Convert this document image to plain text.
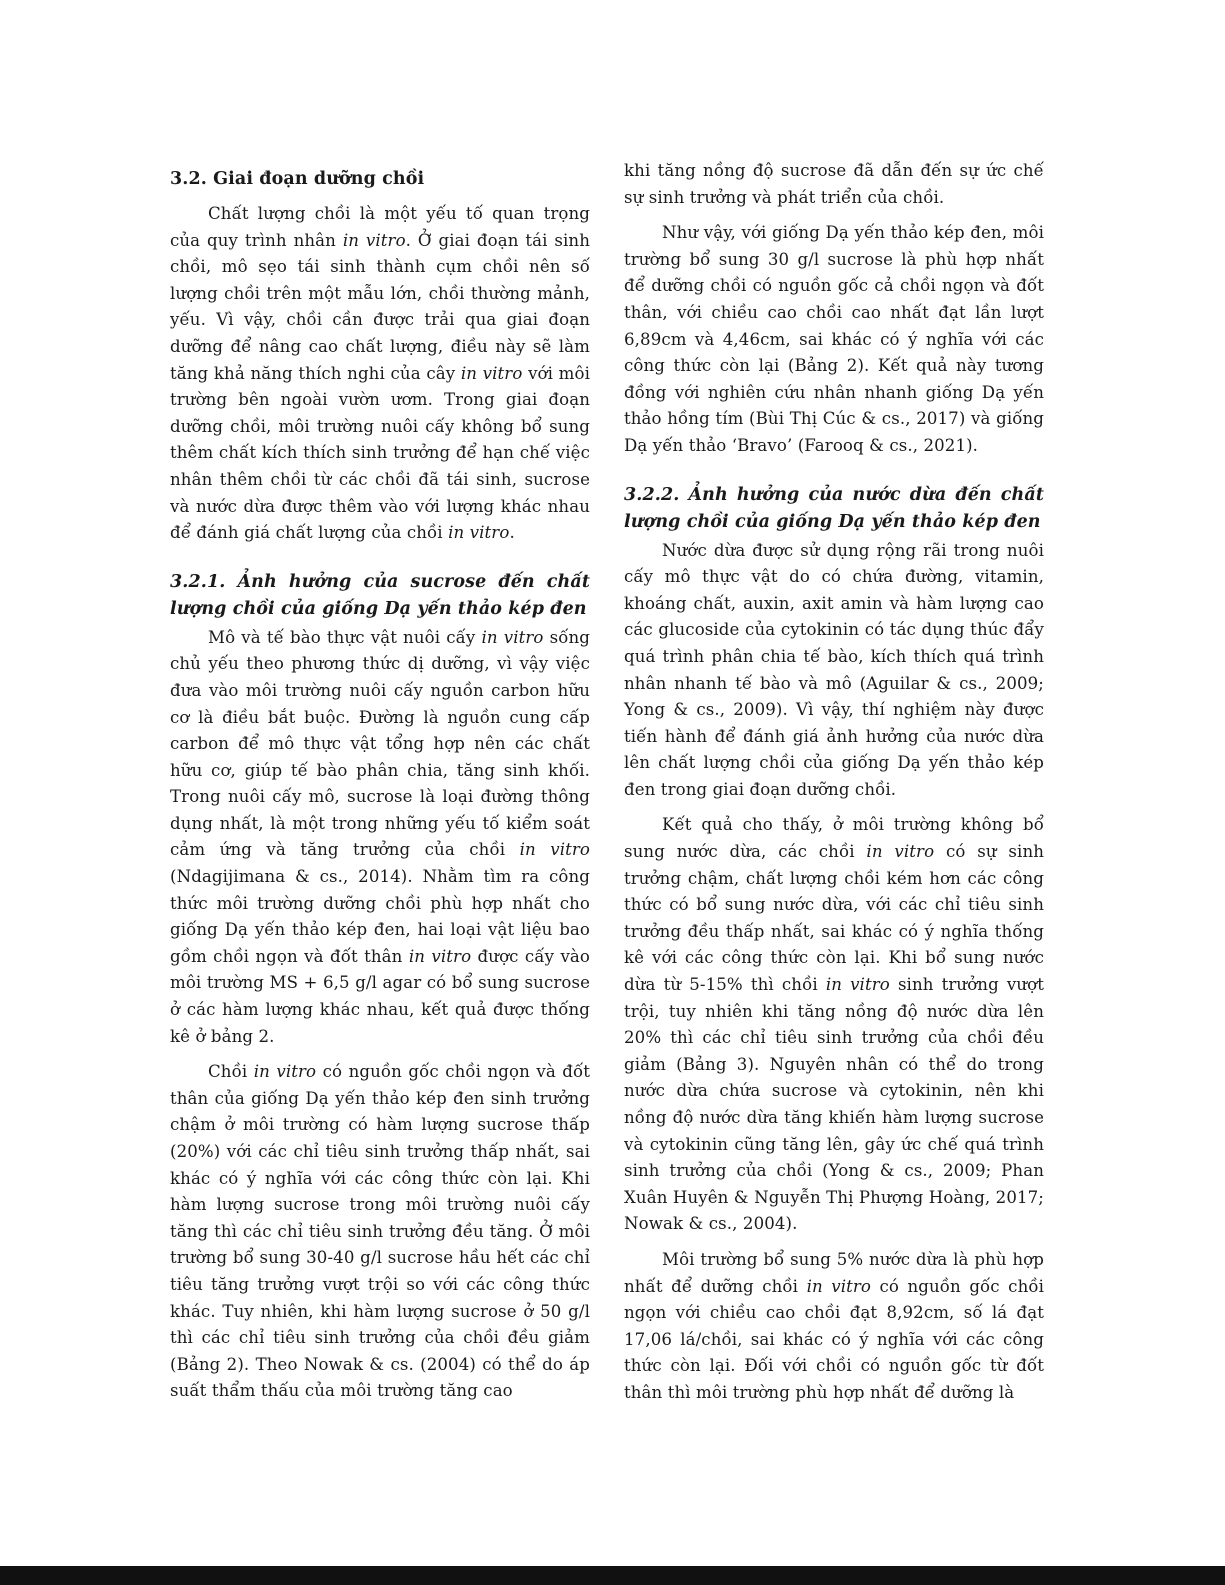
3.2. Giai đoạn dưỡng chồi

Chất lượng chồi là một yếu tố quan trọng của quy trình nhân in vitro. Ở giai đoạn tái sinh chồi, mô sẹo tái sinh thành cụm chồi nên số lượng chồi trên một mẫu lớn, chồi thường mảnh, yếu. Vì vậy, chồi cần được trải qua giai đoạn dưỡng để nâng cao chất lượng, điều này sẽ làm tăng khả năng thích nghi của cây in vitro với môi trường bên ngoài vườn ươm. Trong giai đoạn dưỡng chồi, môi trường nuôi cấy không bổ sung thêm chất kích thích sinh trưởng để hạn chế việc nhân thêm chồi từ các chồi đã tái sinh, sucrose và nước dừa được thêm vào với lượng khác nhau để đánh giá chất lượng của chồi in vitro.

3.2.1. Ảnh hưởng của sucrose đến chất lượng chồi của giống Dạ yến thảo kép đen

Mô và tế bào thực vật nuôi cấy in vitro sống chủ yếu theo phương thức dị dưỡng, vì vậy việc đưa vào môi trường nuôi cấy nguồn carbon hữu cơ là điều bắt buộc. Đường là nguồn cung cấp carbon để mô thực vật tổng hợp nên các chất hữu cơ, giúp tế bào phân chia, tăng sinh khối. Trong nuôi cấy mô, sucrose là loại đường thông dụng nhất, là một trong những yếu tố kiểm soát cảm ứng và tăng trưởng của chồi in vitro (Ndagijimana & cs., 2014). Nhằm tìm ra công thức môi trường dưỡng chồi phù hợp nhất cho giống Dạ yến thảo kép đen, hai loại vật liệu bao gồm chồi ngọn và đốt thân in vitro được cấy vào môi trường MS + 6,5 g/l agar có bổ sung sucrose ở các hàm lượng khác nhau, kết quả được thống kê ở bảng 2.

Chồi in vitro có nguồn gốc chồi ngọn và đốt thân của giống Dạ yến thảo kép đen sinh trưởng chậm ở môi trường có hàm lượng sucrose thấp (20%) với các chỉ tiêu sinh trưởng thấp nhất, sai khác có ý nghĩa với các công thức còn lại. Khi hàm lượng sucrose trong môi trường nuôi cấy tăng thì các chỉ tiêu sinh trưởng đều tăng. Ở môi trường bổ sung 30-40 g/l sucrose hầu hết các chỉ tiêu tăng trưởng vượt trội so với các công thức khác. Tuy nhiên, khi hàm lượng sucrose ở 50 g/l thì các chỉ tiêu sinh trưởng của chồi đều giảm (Bảng 2). Theo Nowak & cs. (2004) có thể do áp suất thẩm thấu của môi trường tăng cao

khi tăng nồng độ sucrose đã dẫn đến sự ức chế sự sinh trưởng và phát triển của chồi.

Như vậy, với giống Dạ yến thảo kép đen, môi trường bổ sung 30 g/l sucrose là phù hợp nhất để dưỡng chồi có nguồn gốc cả chồi ngọn và đốt thân, với chiều cao chồi cao nhất đạt lần lượt 6,89cm và 4,46cm, sai khác có ý nghĩa với các công thức còn lại (Bảng 2). Kết quả này tương đồng với nghiên cứu nhân nhanh giống Dạ yến thảo hồng tím (Bùi Thị Cúc & cs., 2017) và giống Dạ yến thảo ‘Bravo’ (Farooq & cs., 2021).

3.2.2. Ảnh hưởng của nước dừa đến chất lượng chồi của giống Dạ yến thảo kép đen

Nước dừa được sử dụng rộng rãi trong nuôi cấy mô thực vật do có chứa đường, vitamin, khoáng chất, auxin, axit amin và hàm lượng cao các glucoside của cytokinin có tác dụng thúc đẩy quá trình phân chia tế bào, kích thích quá trình nhân nhanh tế bào và mô (Aguilar & cs., 2009; Yong & cs., 2009). Vì vậy, thí nghiệm này được tiến hành để đánh giá ảnh hưởng của nước dừa lên chất lượng chồi của giống Dạ yến thảo kép đen trong giai đoạn dưỡng chồi.

Kết quả cho thấy, ở môi trường không bổ sung nước dừa, các chồi in vitro có sự sinh trưởng chậm, chất lượng chồi kém hơn các công thức có bổ sung nước dừa, với các chỉ tiêu sinh trưởng đều thấp nhất, sai khác có ý nghĩa thống kê với các công thức còn lại. Khi bổ sung nước dừa từ 5-15% thì chồi in vitro sinh trưởng vượt trội, tuy nhiên khi tăng nồng độ nước dừa lên 20% thì các chỉ tiêu sinh trưởng của chồi đều giảm (Bảng 3). Nguyên nhân có thể do trong nước dừa chứa sucrose và cytokinin, nên khi nồng độ nước dừa tăng khiến hàm lượng sucrose và cytokinin cũng tăng lên, gây ức chế quá trình sinh trưởng của chồi (Yong & cs., 2009; Phan Xuân Huyên & Nguyễn Thị Phượng Hoàng, 2017; Nowak & cs., 2004).

Môi trường bổ sung 5% nước dừa là phù hợp nhất để dưỡng chồi in vitro có nguồn gốc chồi ngọn với chiều cao chồi đạt 8,92cm, số lá đạt 17,06 lá/chồi, sai khác có ý nghĩa với các công thức còn lại. Đối với chồi có nguồn gốc từ đốt thân thì môi trường phù hợp nhất để dưỡng là
